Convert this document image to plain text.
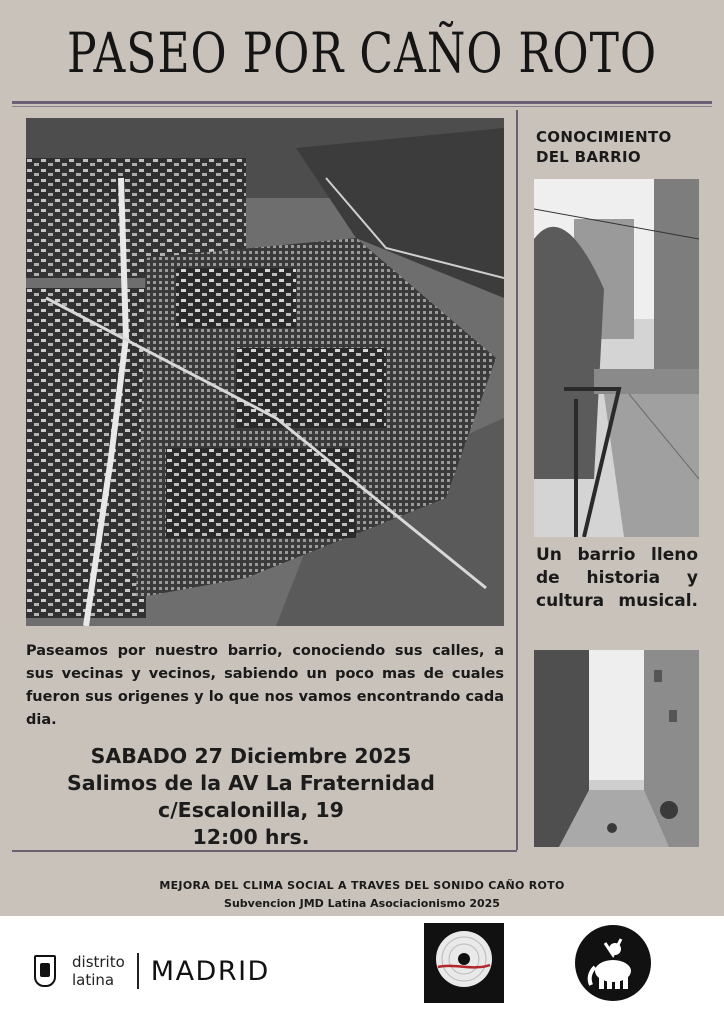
PASEO POR CAÑO ROTO
CONOCIMIENTO
DEL BARRIO
Un barrio lleno de historia y cultura musical.
Paseamos por nuestro barrio, conociendo sus calles, a sus vecinas y vecinos, sabiendo un poco mas de cuales fueron sus origenes y lo que nos vamos encontrando cada dia.
SABADO 27 Diciembre 2025
Salimos de la AV La Fraternidad
c/Escalonilla, 19
12:00 hrs.
MEJORA DEL CLIMA SOCIAL A TRAVES DEL SONIDO CAÑO ROTO
Subvencion JMD Latina Asociacionismo 2025
distrito
latina	MADRID
